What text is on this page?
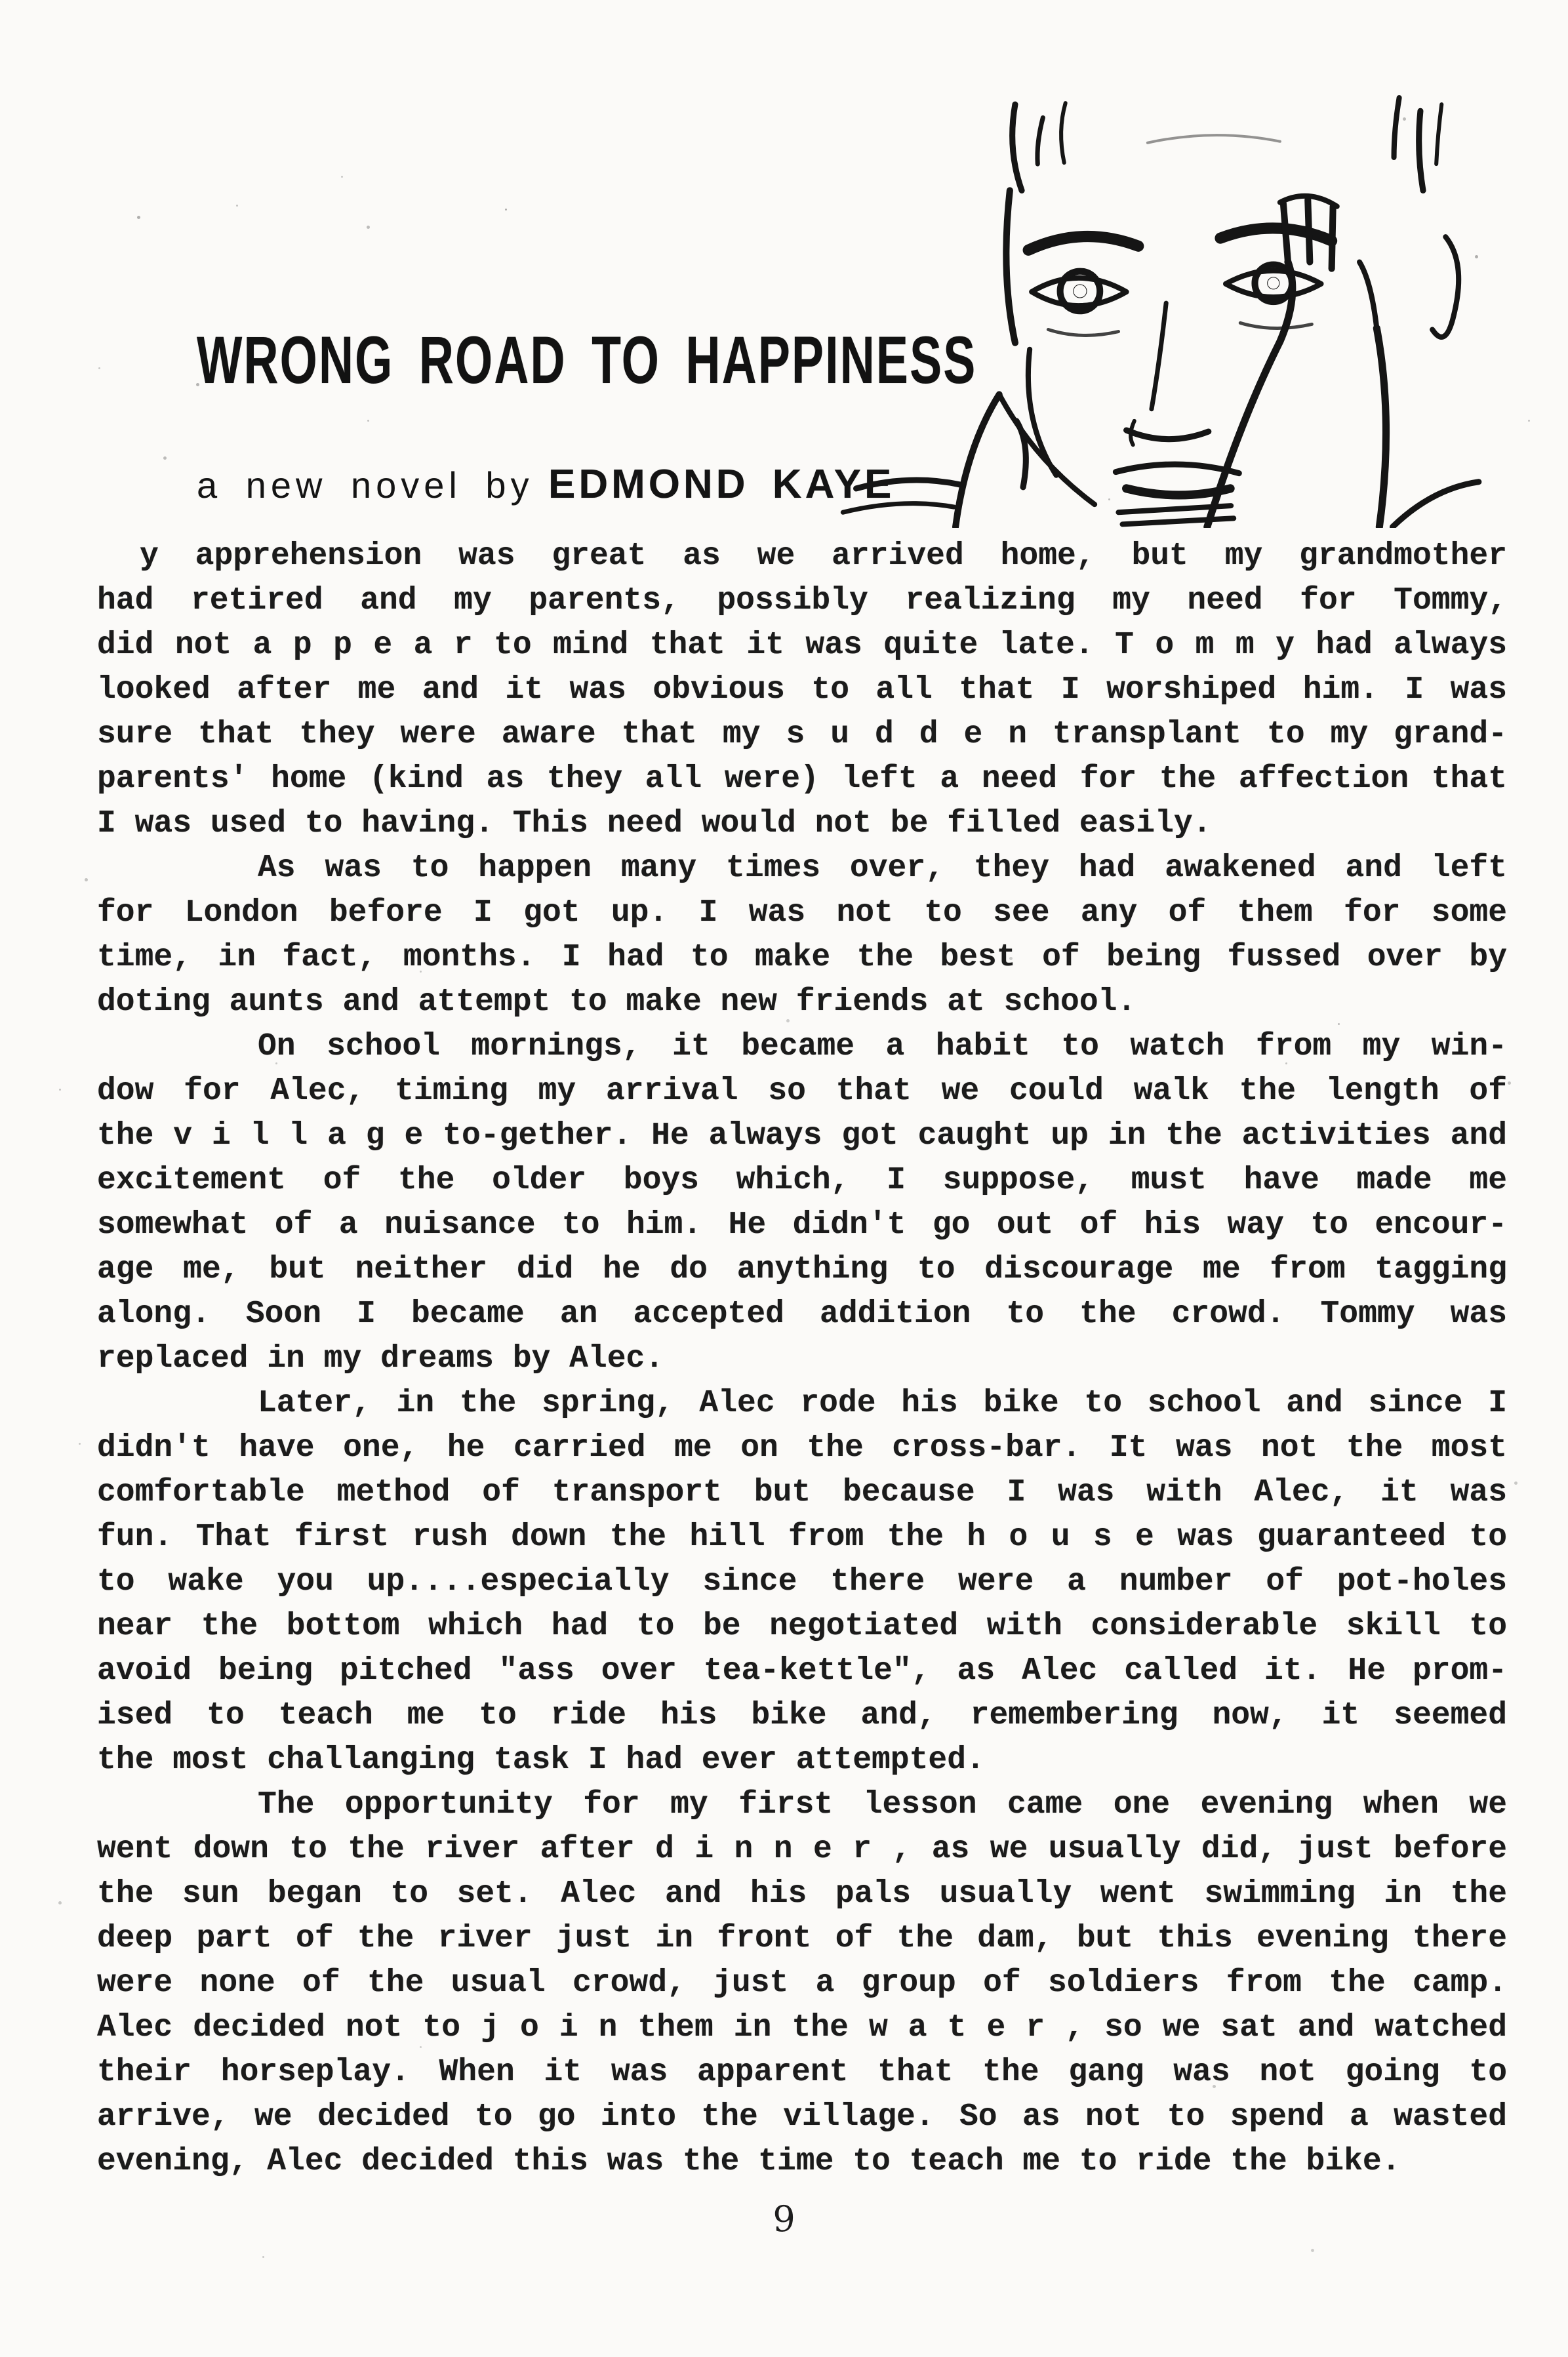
WRONG ROAD TO HAPPINESS

a new novel by EDMOND KAYE

y apprehension was great as we arrived home, but my grandmother
had retired and my parents, possibly realizing my need for Tommy,
did not a p p e a r to mind that it was quite late. T o m m y had always
looked after me and it was obvious to all that I worshiped him. I was
sure that they were aware that my s u d d e n transplant to my grand-
parents' home (kind as they all were) left a need for the affection that
I was used to having. This need would not be filled easily.
As was to happen many times over, they had awakened and left
for London before I got up. I was not to see any of them for some
time, in fact, months. I had to make the best of being fussed over by
doting aunts and attempt to make new friends at school.
On school mornings, it became a habit to watch from my win-
dow for Alec, timing my arrival so that we could walk the length of
the v i l l a g e to-gether. He always got caught up in the activities and
excitement of the older boys which, I suppose, must have made me
somewhat of a nuisance to him. He didn't go out of his way to encour-
age me, but neither did he do anything to discourage me from tagging
along. Soon I became an accepted addition to the crowd. Tommy was
replaced in my dreams by Alec.
Later, in the spring, Alec rode his bike to school and since I
didn't have one, he carried me on the cross-bar. It was not the most
comfortable method of transport but because I was with Alec, it was
fun. That first rush down the hill from the h o u s e was guaranteed to
to wake you up....especially since there were a number of pot-holes
near the bottom which had to be negotiated with considerable skill to
avoid being pitched "ass over tea-kettle", as Alec called it. He prom-
ised to teach me to ride his bike and, remembering now, it seemed
the most challanging task I had ever attempted.
The opportunity for my first lesson came one evening when we
went down to the river after d i n n e r , as we usually did, just before
the sun began to set. Alec and his pals usually went swimming in the
deep part of the river just in front of the dam, but this evening there
were none of the usual crowd, just a group of soldiers from the camp.
Alec decided not to j o i n them in the w a t e r , so we sat and watched
their horseplay. When it was apparent that the gang was not going to
arrive, we decided to go into the village. So as not to spend a wasted
evening, Alec decided this was the time to teach me to ride the bike.
9
